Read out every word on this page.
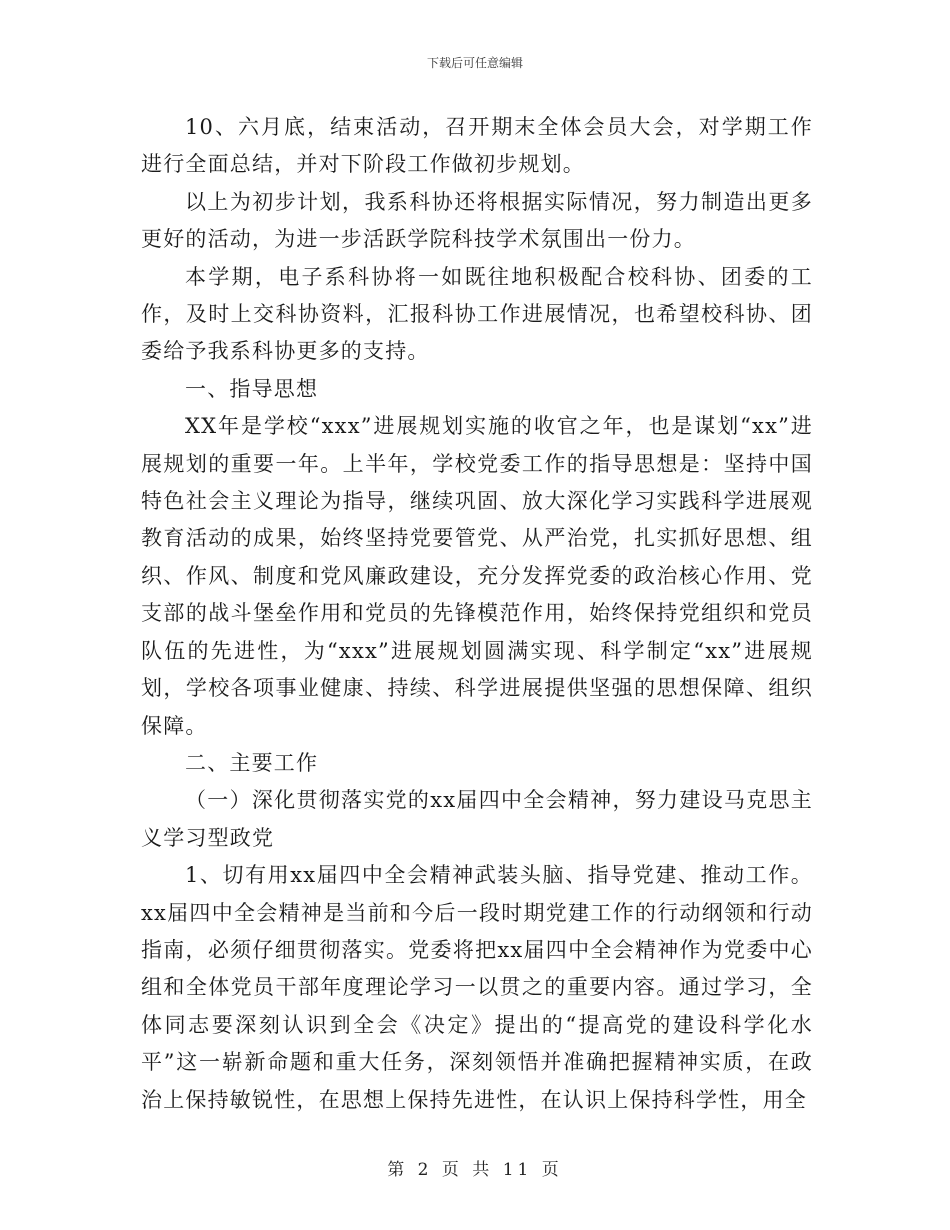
下载后可任意编辑

10、六月底，结束活动，召开期末全体会员大会，对学期工作进行全面总结，并对下阶段工作做初步规划。

以上为初步计划，我系科协还将根据实际情况，努力制造出更多更好的活动，为进一步活跃学院科技学术氛围出一份力。

本学期，电子系科协将一如既往地积极配合校科协、团委的工作，及时上交科协资料，汇报科协工作进展情况，也希望校科协、团委给予我系科协更多的支持。

一、指导思想

XX年是学校“xxx”进展规划实施的收官之年，也是谋划“xx”进展规划的重要一年。上半年，学校党委工作的指导思想是：坚持中国特色社会主义理论为指导，继续巩固、放大深化学习实践科学进展观教育活动的成果，始终坚持党要管党、从严治党，扎实抓好思想、组织、作风、制度和党风廉政建设，充分发挥党委的政治核心作用、党支部的战斗堡垒作用和党员的先锋模范作用，始终保持党组织和党员队伍的先进性，为“xxx”进展规划圆满实现、科学制定“xx”进展规划，学校各项事业健康、持续、科学进展提供坚强的思想保障、组织保障。

二、主要工作

（一）深化贯彻落实党的xx届四中全会精神，努力建设马克思主义学习型政党

1、切有用xx届四中全会精神武装头脑、指导党建、推动工作。xx届四中全会精神是当前和今后一段时期党建工作的行动纲领和行动指南，必须仔细贯彻落实。党委将把xx届四中全会精神作为党委中心组和全体党员干部年度理论学习一以贯之的重要内容。通过学习，全体同志要深刻认识到全会《决定》提出的“提高党的建设科学化水平”这一崭新命题和重大任务，深刻领悟并准确把握精神实质，在政治上保持敏锐性，在思想上保持先进性，在认识上保持科学性，用全

第 2 页 共 11 页
